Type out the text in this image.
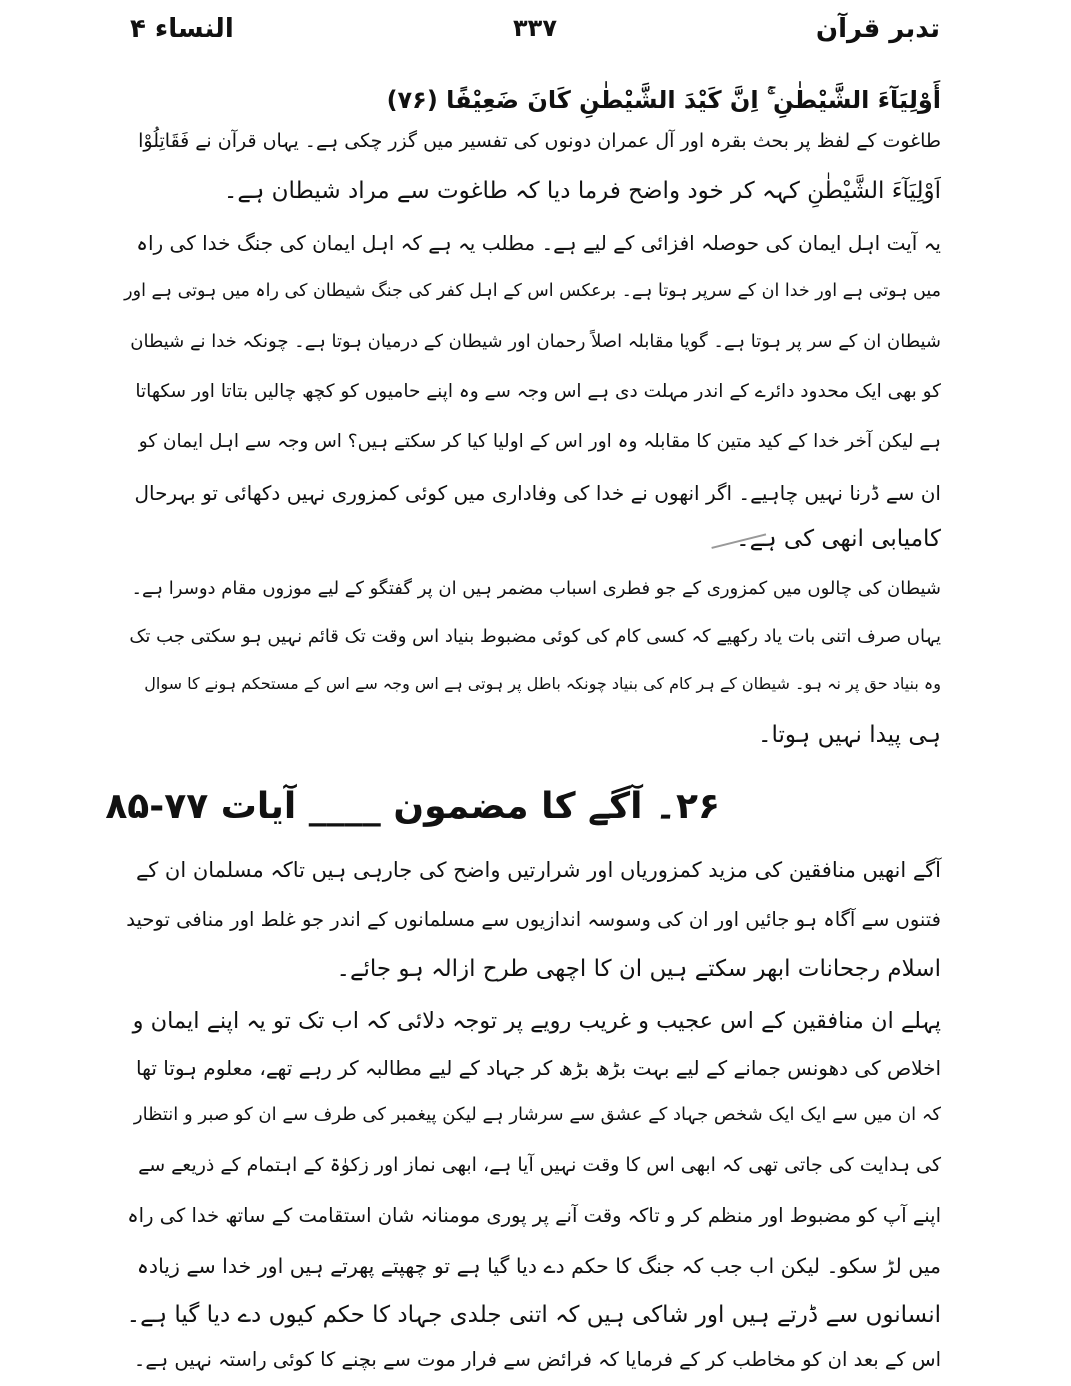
تدبر قرآن
۳۳۷
النساء ۴
أَوْلِيَآءَ الشَّيْطٰنِ ۚ اِنَّ كَيْدَ الشَّيْطٰنِ كَانَ ضَعِيْفًا (۷۶)
طاغوت کے لفظ پر بحث بقرہ اور آل عمران دونوں کی تفسیر میں گزر چکی ہے۔ یہاں قرآن نے فَقَاتِلُوْا
اَوْلِيَآءَ الشَّيْطٰنِ کہہ کر خود واضح فرما دیا کہ طاغوت سے مراد شیطان ہے۔
یہ آیت اہل ایمان کی حوصلہ افزائی کے لیے ہے۔ مطلب یہ ہے کہ اہل ایمان کی جنگ خدا کی راہ
میں ہوتی ہے اور خدا ان کے سرپر ہوتا ہے۔ برعکس اس کے اہل کفر کی جنگ شیطان کی راہ میں ہوتی ہے اور
شیطان ان کے سر پر ہوتا ہے۔ گویا مقابلہ اصلاً رحمان اور شیطان کے درمیان ہوتا ہے۔ چونکہ خدا نے شیطان
کو بھی ایک محدود دائرے کے اندر مہلت دی ہے اس وجہ سے وہ اپنے حامیوں کو کچھ چالیں بتاتا اور سکھاتا
ہے لیکن آخر خدا کے کید متین کا مقابلہ وہ اور اس کے اولیا کیا کر سکتے ہیں؟ اس وجہ سے اہل ایمان کو
ان سے ڈرنا نہیں چاہیے۔ اگر انھوں نے خدا کی وفاداری میں کوئی کمزوری نہیں دکھائی تو بہرحال
کامیابی انھی کی ہے۔
شیطان کی چالوں میں کمزوری کے جو فطری اسباب مضمر ہیں ان پر گفتگو کے لیے موزوں مقام دوسرا ہے۔
یہاں صرف اتنی بات یاد رکھیے کہ کسی کام کی کوئی مضبوط بنیاد اس وقت تک قائم نہیں ہو سکتی جب تک
وہ بنیاد حق پر نہ ہو۔ شیطان کے ہر کام کی بنیاد چونکہ باطل پر ہوتی ہے اس وجہ سے اس کے مستحکم ہونے کا سوال
ہی پیدا نہیں ہوتا۔
۲۶۔ آگے کا مضمون ____ آیات ۷۷-۸۵
آگے انھیں منافقین کی مزید کمزوریاں اور شرارتیں واضح کی جارہی ہیں تاکہ مسلمان ان کے
فتنوں سے آگاہ ہو جائیں اور ان کی وسوسہ اندازیوں سے مسلمانوں کے اندر جو غلط اور منافی توحید
اسلام رجحانات ابھر سکتے ہیں ان کا اچھی طرح ازالہ ہو جائے۔
پہلے ان منافقین کے اس عجیب و غریب رویے پر توجہ دلائی کہ اب تک تو یہ اپنے ایمان و
اخلاص کی دھونس جمانے کے لیے بہت بڑھ بڑھ کر جہاد کے لیے مطالبہ کر رہے تھے، معلوم ہوتا تھا
کہ ان میں سے ایک ایک شخص جہاد کے عشق سے سرشار ہے لیکن پیغمبر کی طرف سے ان کو صبر و انتظار
کی ہدایت کی جاتی تھی کہ ابھی اس کا وقت نہیں آیا ہے، ابھی نماز اور زکوٰۃ کے اہتمام کے ذریعے سے
اپنے آپ کو مضبوط اور منظم کر و تاکہ وقت آنے پر پوری مومنانہ شان استقامت کے ساتھ خدا کی راہ
میں لڑ سکو۔ لیکن اب جب کہ جنگ کا حکم دے دیا گیا ہے تو چھپتے پھرتے ہیں اور خدا سے زیادہ
انسانوں سے ڈرتے ہیں اور شاکی ہیں کہ اتنی جلدی جہاد کا حکم کیوں دے دیا گیا ہے۔
اس کے بعد ان کو مخاطب کر کے فرمایا کہ فرائض سے فرار موت سے بچنے کا کوئی راستہ نہیں ہے۔
